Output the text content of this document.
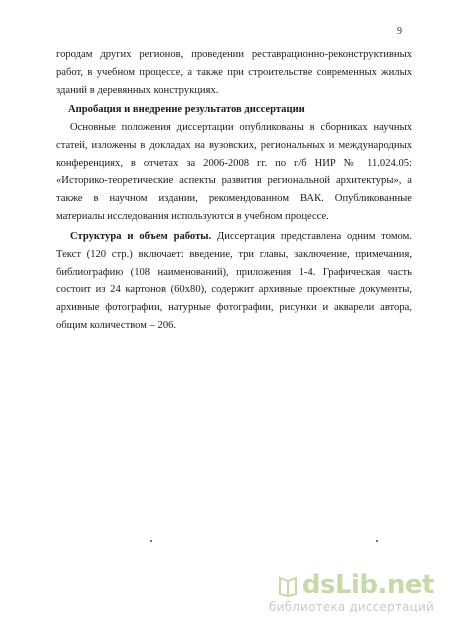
9
городам других регионов, проведении реставрационно-реконструктивных
работ, в учебном процессе, а также при строительстве современных жилых
зданий в деревянных конструкциях.
Апробация и внедрение результатов диссертации
Основные положения диссертации опубликованы в сборниках научных
статей, изложены в докладах на вузовских, региональных и международных
конференциях, в отчетах за 2006-2008 гг. по г/б НИР № 11.024.05:
«Историко-теоретические аспекты развития региональной архитектуры», а
также в научном издании, рекомендованном ВАК. Опубликованные
материалы исследования используются в учебном процессе.
Структура и объем работы. Диссертация представлена одним томом.
Текст (120 стр.) включает: введение, три главы, заключение, примечания,
библиографию (108 наименований), приложения 1-4. Графическая часть
состоит из 24 картонов (60х80), содержит архивные проектные документы,
архивные фотографии, натурные фотографии, рисунки и акварели автора,
общим количеством – 206.
dsLib.net
библиотека диссертаций
